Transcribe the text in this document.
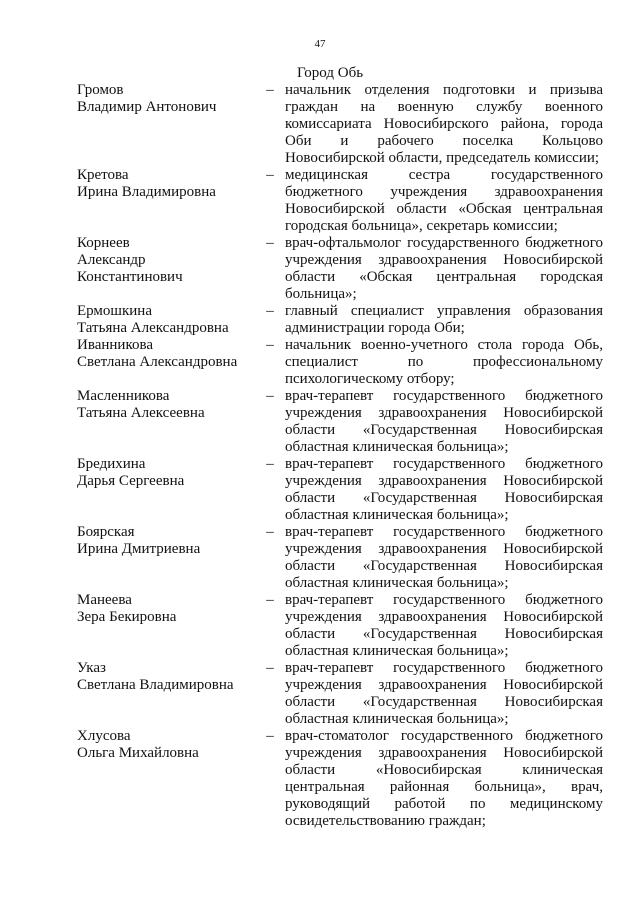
47
Город Обь
Громов
Владимир Антонович
– начальник отделения подготовки и призыва
граждан на военную службу военного
комиссариата Новосибирского района, города
Оби и рабочего поселка Кольцово
Новосибирской области, председатель комиссии;
Кретова
Ирина Владимировна
– медицинская сестра государственного
бюджетного учреждения здравоохранения
Новосибирской области «Обская центральная
городская больница», секретарь комиссии;
Корнеев
Александр
Константинович
– врач-офтальмолог государственного бюджетного
учреждения здравоохранения Новосибирской
области «Обская центральная городская
больница»;
Ермошкина
Татьяна Александровна
– главный специалист управления образования
администрации города Оби;
Иванникова
Светлана Александровна
– начальник военно-учетного стола города Обь,
специалист по профессиональному
психологическому отбору;
Масленникова
Татьяна Алексеевна
– врач-терапевт государственного бюджетного
учреждения здравоохранения Новосибирской
области «Государственная Новосибирская
областная клиническая больница»;
Бредихина
Дарья Сергеевна
– врач-терапевт государственного бюджетного
учреждения здравоохранения Новосибирской
области «Государственная Новосибирская
областная клиническая больница»;
Боярская
Ирина Дмитриевна
– врач-терапевт государственного бюджетного
учреждения здравоохранения Новосибирской
области «Государственная Новосибирская
областная клиническая больница»;
Манеева
Зера Бекировна
– врач-терапевт государственного бюджетного
учреждения здравоохранения Новосибирской
области «Государственная Новосибирская
областная клиническая больница»;
Указ
Светлана Владимировна
– врач-терапевт государственного бюджетного
учреждения здравоохранения Новосибирской
области «Государственная Новосибирская
областная клиническая больница»;
Хлусова
Ольга Михайловна
– врач-стоматолог государственного бюджетного
учреждения здравоохранения Новосибирской
области «Новосибирская клиническая
центральная районная больница», врач,
руководящий работой по медицинскому
освидетельствованию граждан;
